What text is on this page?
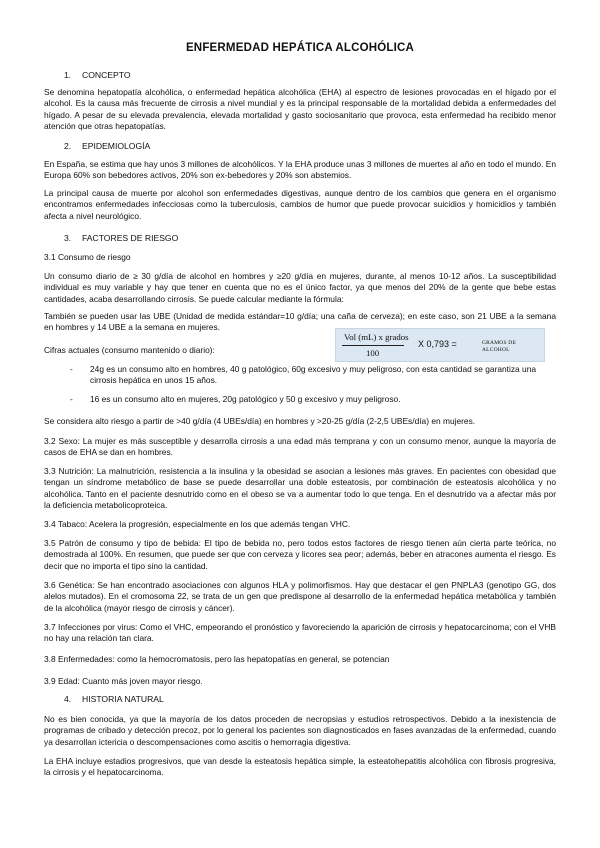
ENFERMEDAD HEPÁTICA ALCOHÓLICA
1. CONCEPTO
Se denomina hepatopatía alcohólica, o enfermedad hepática alcohólica (EHA) al espectro de lesiones provocadas en el hígado por el alcohol. Es la causa más frecuente de cirrosis a nivel mundial y es la principal responsable de la mortalidad debida a enfermedades del hígado. A pesar de su elevada prevalencia, elevada mortalidad y gasto sociosanitario que provoca, esta enfermedad ha recibido menor atención que otras hepatopatías.
2. EPIDEMIOLOGÍA
En España, se estima que hay unos 3 millones de alcohólicos. Y la EHA produce unas 3 millones de muertes al año en todo el mundo. En Europa 60% son bebedores activos, 20% son ex-bebedores y 20% son abstemios.
La principal causa de muerte por alcohol son enfermedades digestivas, aunque dentro de los cambios que genera en el organismo encontramos enfermedades infecciosas como la tuberculosis, cambios de humor que puede provocar suicidios y homicidios y también afecta a nivel neurológico.
3. FACTORES DE RIESGO
3.1 Consumo de riesgo
Un consumo diario de ≥ 30 g/día de alcohol en hombres y ≥20 g/día en mujeres, durante, al menos 10-12 años. La susceptibilidad individual es muy variable y hay que tener en cuenta que no es el único factor, ya que menos del 20% de la gente que bebe estas cantidades, acaba desarrollando cirrosis. Se puede calcular mediante la fórmula:
También se pueden usar las UBE (Unidad de medida estándar=10 g/día; una caña de cerveza); en este caso, son 21 UBE a la semana en hombres y 14 UBE a la semana en mujeres.
Vol (mL) x grados
100
X 0,793 =	GRAMOS DE ALCOHOL
Cifras actuales (consumo mantenido o diario):
- 24g es un consumo alto en hombres, 40 g patológico, 60g excesivo y muy peligroso, con esta cantidad se garantiza una cirrosis hepática en unos 15 años.
- 16 es un consumo alto en mujeres, 20g patológico y 50 g excesivo y muy peligroso.
Se considera alto riesgo a partir de >40 g/día (4 UBEs/día) en hombres y >20-25 g/día (2-2,5 UBEs/día) en mujeres.
3.2 Sexo: La mujer es más susceptible y desarrolla cirrosis a una edad más temprana y con un consumo menor, aunque la mayoría de casos de EHA se dan en hombres.
3.3 Nutrición: La malnutrición, resistencia a la insulina y la obesidad se asocian a lesiones más graves. En pacientes con obesidad que tengan un síndrome metabólico de base se puede desarrollar una doble esteatosis, por combinación de esteatosis alcohólica y no alcohólica. Tanto en el paciente desnutrido como en el obeso se va a aumentar todo lo que tenga. En el desnutrido va a afectar más por la deficiencia metabolicoproteica.
3.4 Tabaco: Acelera la progresión, especialmente en los que además tengan VHC.
3.5 Patrón de consumo y tipo de bebida: El tipo de bebida no, pero todos estos factores de riesgo tienen aún cierta parte teórica, no demostrada al 100%. En resumen, que puede ser que con cerveza y licores sea peor; además, beber en atracones aumenta el riesgo. Es decir que no importa el tipo sino la cantidad.
3.6 Genética: Se han encontrado asociaciones con algunos HLA y polimorfismos. Hay que destacar el gen PNPLA3 (genotipo GG, dos alelos mutados). En el cromosoma 22, se trata de un gen que predispone al desarrollo de la enfermedad hepática metabólica y también de la alcohólica (mayor riesgo de cirrosis y cáncer).
3.7 Infecciones por virus: Como el VHC, empeorando el pronóstico y favoreciendo la aparición de cirrosis y hepatocarcinoma; con el VHB no hay una relación tan clara.
3.8 Enfermedades: como la hemocromatosis, pero las hepatopatías en general, se potencian
3.9 Edad: Cuanto más joven mayor riesgo.
4. HISTORIA NATURAL
No es bien conocida, ya que la mayoría de los datos proceden de necropsias y estudios retrospectivos. Debido a la inexistencia de programas de cribado y detección precoz, por lo general los pacientes son diagnosticados en fases avanzadas de la enfermedad, cuando ya desarrollan ictericia o descompensaciones como ascitis o hemorragia digestiva.
La EHA incluye estadios progresivos, que van desde la esteatosis hepática simple, la esteatohepatitis alcohólica con fibrosis progresiva, la cirrosis y el hepatocarcinoma.
